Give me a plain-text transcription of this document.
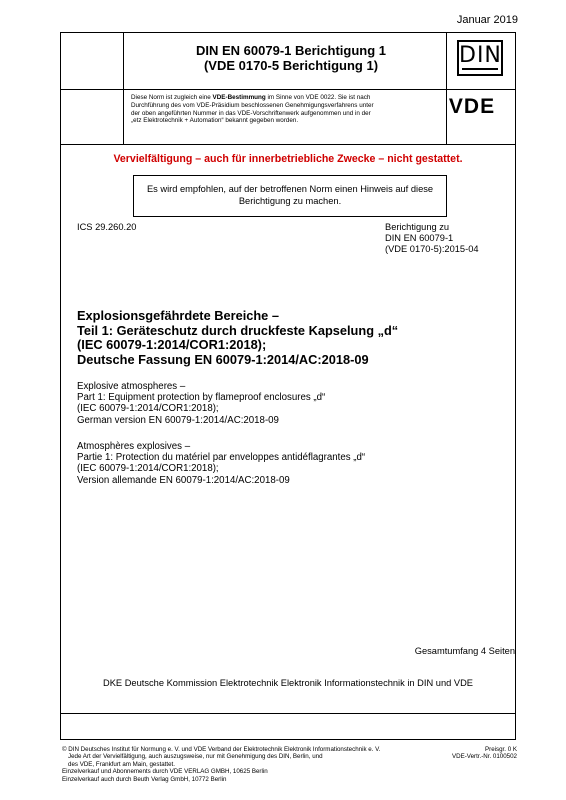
Januar 2019
DIN EN 60079-1 Berichtigung 1
(VDE 0170-5 Berichtigung 1)	DIN
Diese Norm ist zugleich eine VDE-Bestimmung im Sinne von VDE 0022. Sie ist nach
Durchführung des vom VDE-Präsidium beschlossenen Genehmigungsverfahrens unter
der oben angeführten Nummer in das VDE-Vorschriftenwerk aufgenommen und in der
„etz Elektrotechnik + Automation“ bekannt gegeben worden.
VDE
Vervielfältigung – auch für innerbetriebliche Zwecke – nicht gestattet.
Es wird empfohlen, auf der betroffenen Norm einen Hinweis auf diese
Berichtigung zu machen.
ICS 29.260.20	Berichtigung zu
DIN EN 60079-1
(VDE 0170-5):2015-04
Explosionsgefährdete Bereiche –
Teil 1: Geräteschutz durch druckfeste Kapselung „d“
(IEC 60079-1:2014/COR1:2018);
Deutsche Fassung EN 60079-1:2014/AC:2018-09
Explosive atmospheres –
Part 1: Equipment protection by flameproof enclosures „d“
(IEC 60079-1:2014/COR1:2018);
German version EN 60079-1:2014/AC:2018-09
Atmosphères explosives –
Partie 1: Protection du matériel par enveloppes antidéflagrantes „d“
(IEC 60079-1:2014/COR1:2018);
Version allemande EN 60079-1:2014/AC:2018-09
Gesamtumfang 4 Seiten
DKE Deutsche Kommission Elektrotechnik Elektronik Informationstechnik in DIN und VDE
© DIN Deutsches Institut für Normung e. V. und VDE Verband der Elektrotechnik Elektronik Informationstechnik e. V.
Jede Art der Vervielfältigung, auch auszugsweise, nur mit Genehmigung des DIN, Berlin, und
des VDE, Frankfurt am Main, gestattet.
Einzelverkauf und Abonnements durch VDE VERLAG GMBH, 10625 Berlin
Einzelverkauf auch durch Beuth Verlag GmbH, 10772 Berlin
Preisgr. 0 K
VDE-Vertr.-Nr. 0100502
